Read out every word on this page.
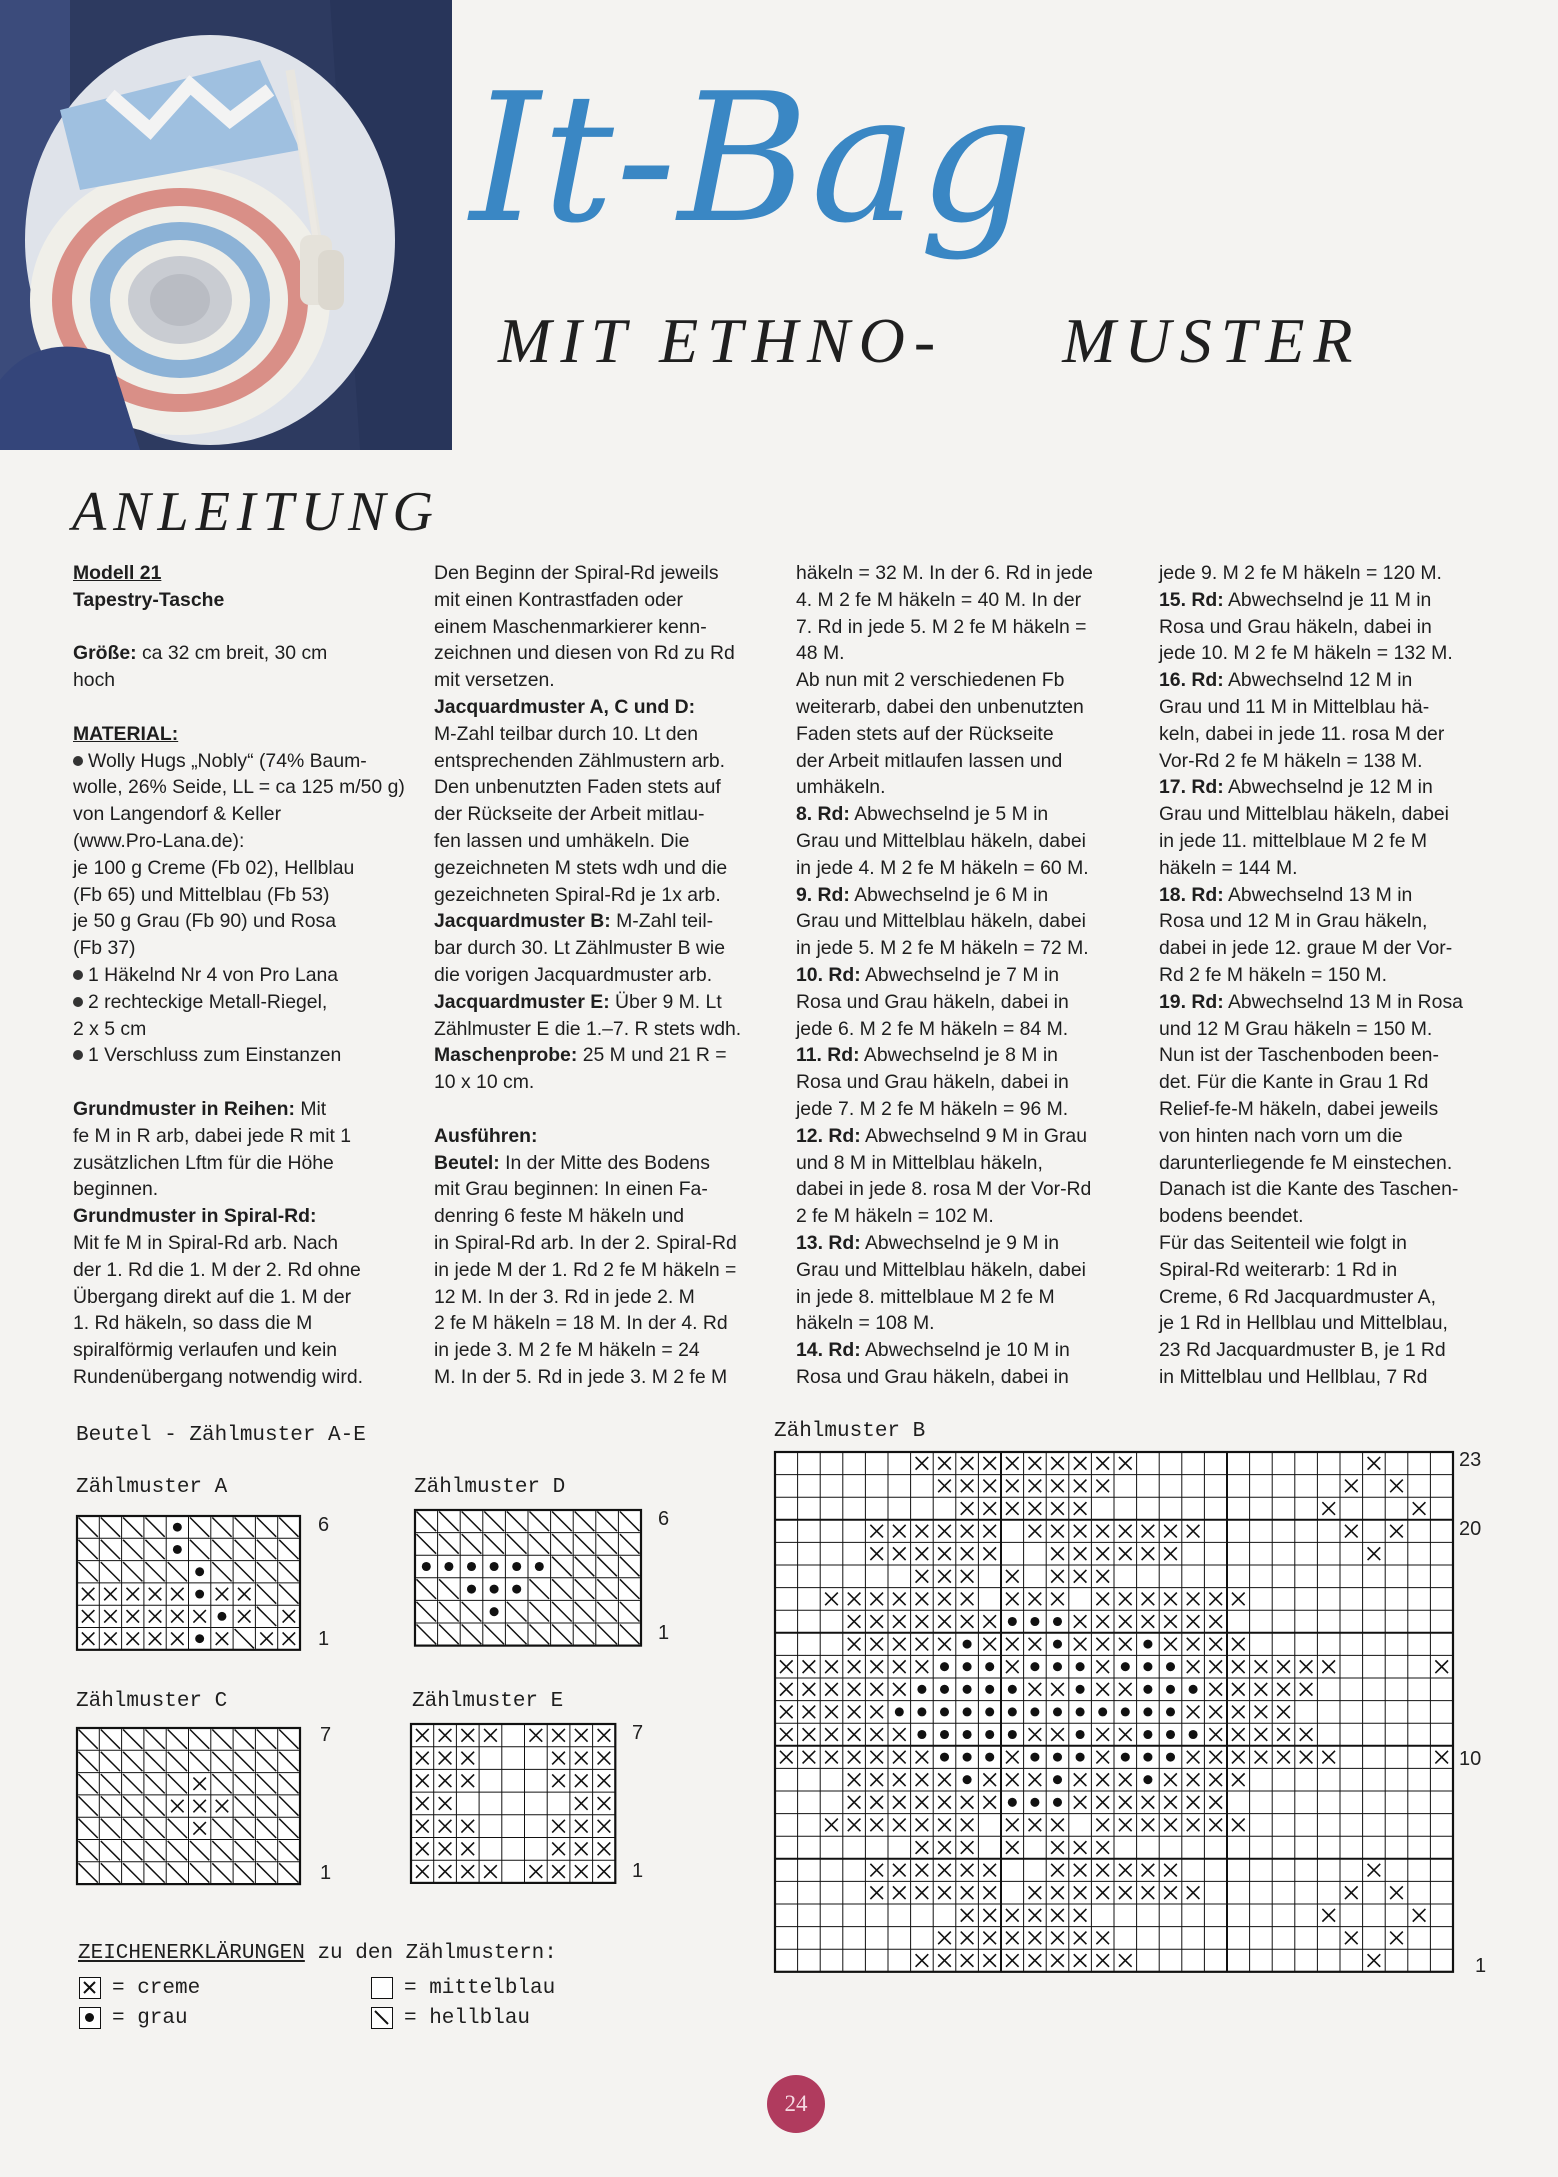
It-Bag
MIT ETHNO- MUSTER
ANLEITUNG

Modell 21

Tapestry-Tasche

Größe: ca 32 cm breit, 30 cm

hoch

MATERIAL:

Wolly Hugs „Nobly“ (74% Baum-

wolle, 26% Seide, LL = ca 125 m/50 g)

von Langendorf & Keller

(www.Pro-Lana.de):

je 100 g Creme (Fb 02), Hellblau

(Fb 65) und Mittelblau (Fb 53)

je 50 g Grau (Fb 90) und Rosa

(Fb 37)

1 Häkelnd Nr 4 von Pro Lana

2 rechteckige Metall-Riegel,

2 x 5 cm

1 Verschluss zum Einstanzen

Grundmuster in Reihen: Mit

fe M in R arb, dabei jede R mit 1

zusätzlichen Lftm für die Höhe

beginnen.

Grundmuster in Spiral-Rd:

Mit fe M in Spiral-Rd arb. Nach

der 1. Rd die 1. M der 2. Rd ohne

Übergang direkt auf die 1. M der

1. Rd häkeln, so dass die M

spiralförmig verlaufen und kein

Rundenübergang notwendig wird.

Den Beginn der Spiral-Rd jeweils

mit einen Kontrastfaden oder

einem Maschenmarkierer kenn-

zeichnen und diesen von Rd zu Rd

mit versetzen.

Jacquardmuster A, C und D:

M-Zahl teilbar durch 10. Lt den

entsprechenden Zählmustern arb.

Den unbenutzten Faden stets auf

der Rückseite der Arbeit mitlau-

fen lassen und umhäkeln. Die

gezeichneten M stets wdh und die

gezeichneten Spiral-Rd je 1x arb.

Jacquardmuster B: M-Zahl teil-

bar durch 30. Lt Zählmuster B wie

die vorigen Jacquardmuster arb.

Jacquardmuster E: Über 9 M. Lt

Zählmuster E die 1.–7. R stets wdh.

Maschenprobe: 25 M und 21 R =

10 x 10 cm.

Ausführen:

Beutel: In der Mitte des Bodens

mit Grau beginnen: In einen Fa-

denring 6 feste M häkeln und

in Spiral-Rd arb. In der 2. Spiral-Rd

in jede M der 1. Rd 2 fe M häkeln =

12 M. In der 3. Rd in jede 2. M

2 fe M häkeln = 18 M. In der 4. Rd

in jede 3. M 2 fe M häkeln = 24

M. In der 5. Rd in jede 3. M 2 fe M

häkeln = 32 M. In der 6. Rd in jede

4. M 2 fe M häkeln = 40 M. In der

7. Rd in jede 5. M 2 fe M häkeln =

48 M.

Ab nun mit 2 verschiedenen Fb

weiterarb, dabei den unbenutzten

Faden stets auf der Rückseite

der Arbeit mitlaufen lassen und

umhäkeln.

8. Rd: Abwechselnd je 5 M in

Grau und Mittelblau häkeln, dabei

in jede 4. M 2 fe M häkeln = 60 M.

9. Rd: Abwechselnd je 6 M in

Grau und Mittelblau häkeln, dabei

in jede 5. M 2 fe M häkeln = 72 M.

10. Rd: Abwechselnd je 7 M in

Rosa und Grau häkeln, dabei in

jede 6. M 2 fe M häkeln = 84 M.

11. Rd: Abwechselnd je 8 M in

Rosa und Grau häkeln, dabei in

jede 7. M 2 fe M häkeln = 96 M.

12. Rd: Abwechselnd 9 M in Grau

und 8 M in Mittelblau häkeln,

dabei in jede 8. rosa M der Vor-Rd

2 fe M häkeln = 102 M.

13. Rd: Abwechselnd je 9 M in

Grau und Mittelblau häkeln, dabei

in jede 8. mittelblaue M 2 fe M

häkeln = 108 M.

14. Rd: Abwechselnd je 10 M in

Rosa und Grau häkeln, dabei in

jede 9. M 2 fe M häkeln = 120 M.

15. Rd: Abwechselnd je 11 M in

Rosa und Grau häkeln, dabei in

jede 10. M 2 fe M häkeln = 132 M.

16. Rd: Abwechselnd 12 M in

Grau und 11 M in Mittelblau hä-

keln, dabei in jede 11. rosa M der

Vor-Rd 2 fe M häkeln = 138 M.

17. Rd: Abwechselnd je 12 M in

Grau und Mittelblau häkeln, dabei

in jede 11. mittelblaue M 2 fe M

häkeln = 144 M.

18. Rd: Abwechselnd 13 M in

Rosa und 12 M in Grau häkeln,

dabei in jede 12. graue M der Vor-

Rd 2 fe M häkeln = 150 M.

19. Rd: Abwechselnd 13 M in Rosa

und 12 M Grau häkeln = 150 M.

Nun ist der Taschenboden been-

det. Für die Kante in Grau 1 Rd

Relief-fe-M häkeln, dabei jeweils

von hinten nach vorn um die

darunterliegende fe M einstechen.

Danach ist die Kante des Taschen-

bodens beendet.

Für das Seitenteil wie folgt in

Spiral-Rd weiterarb: 1 Rd in

Creme, 6 Rd Jacquardmuster A,

je 1 Rd in Hellblau und Mittelblau,

23 Rd Jacquardmuster B, je 1 Rd

in Mittelblau und Hellblau, 7 Rd

Beutel - Zählmuster A-E
Zählmuster A
6
1
Zählmuster D
6
1
Zählmuster C
7
1
Zählmuster E
7
1
Zählmuster B
23
20
10
1
ZEICHENERKLÄRUNGEN zu den Zählmustern:
= creme
= grau
= mittelblau
= hellblau
24
